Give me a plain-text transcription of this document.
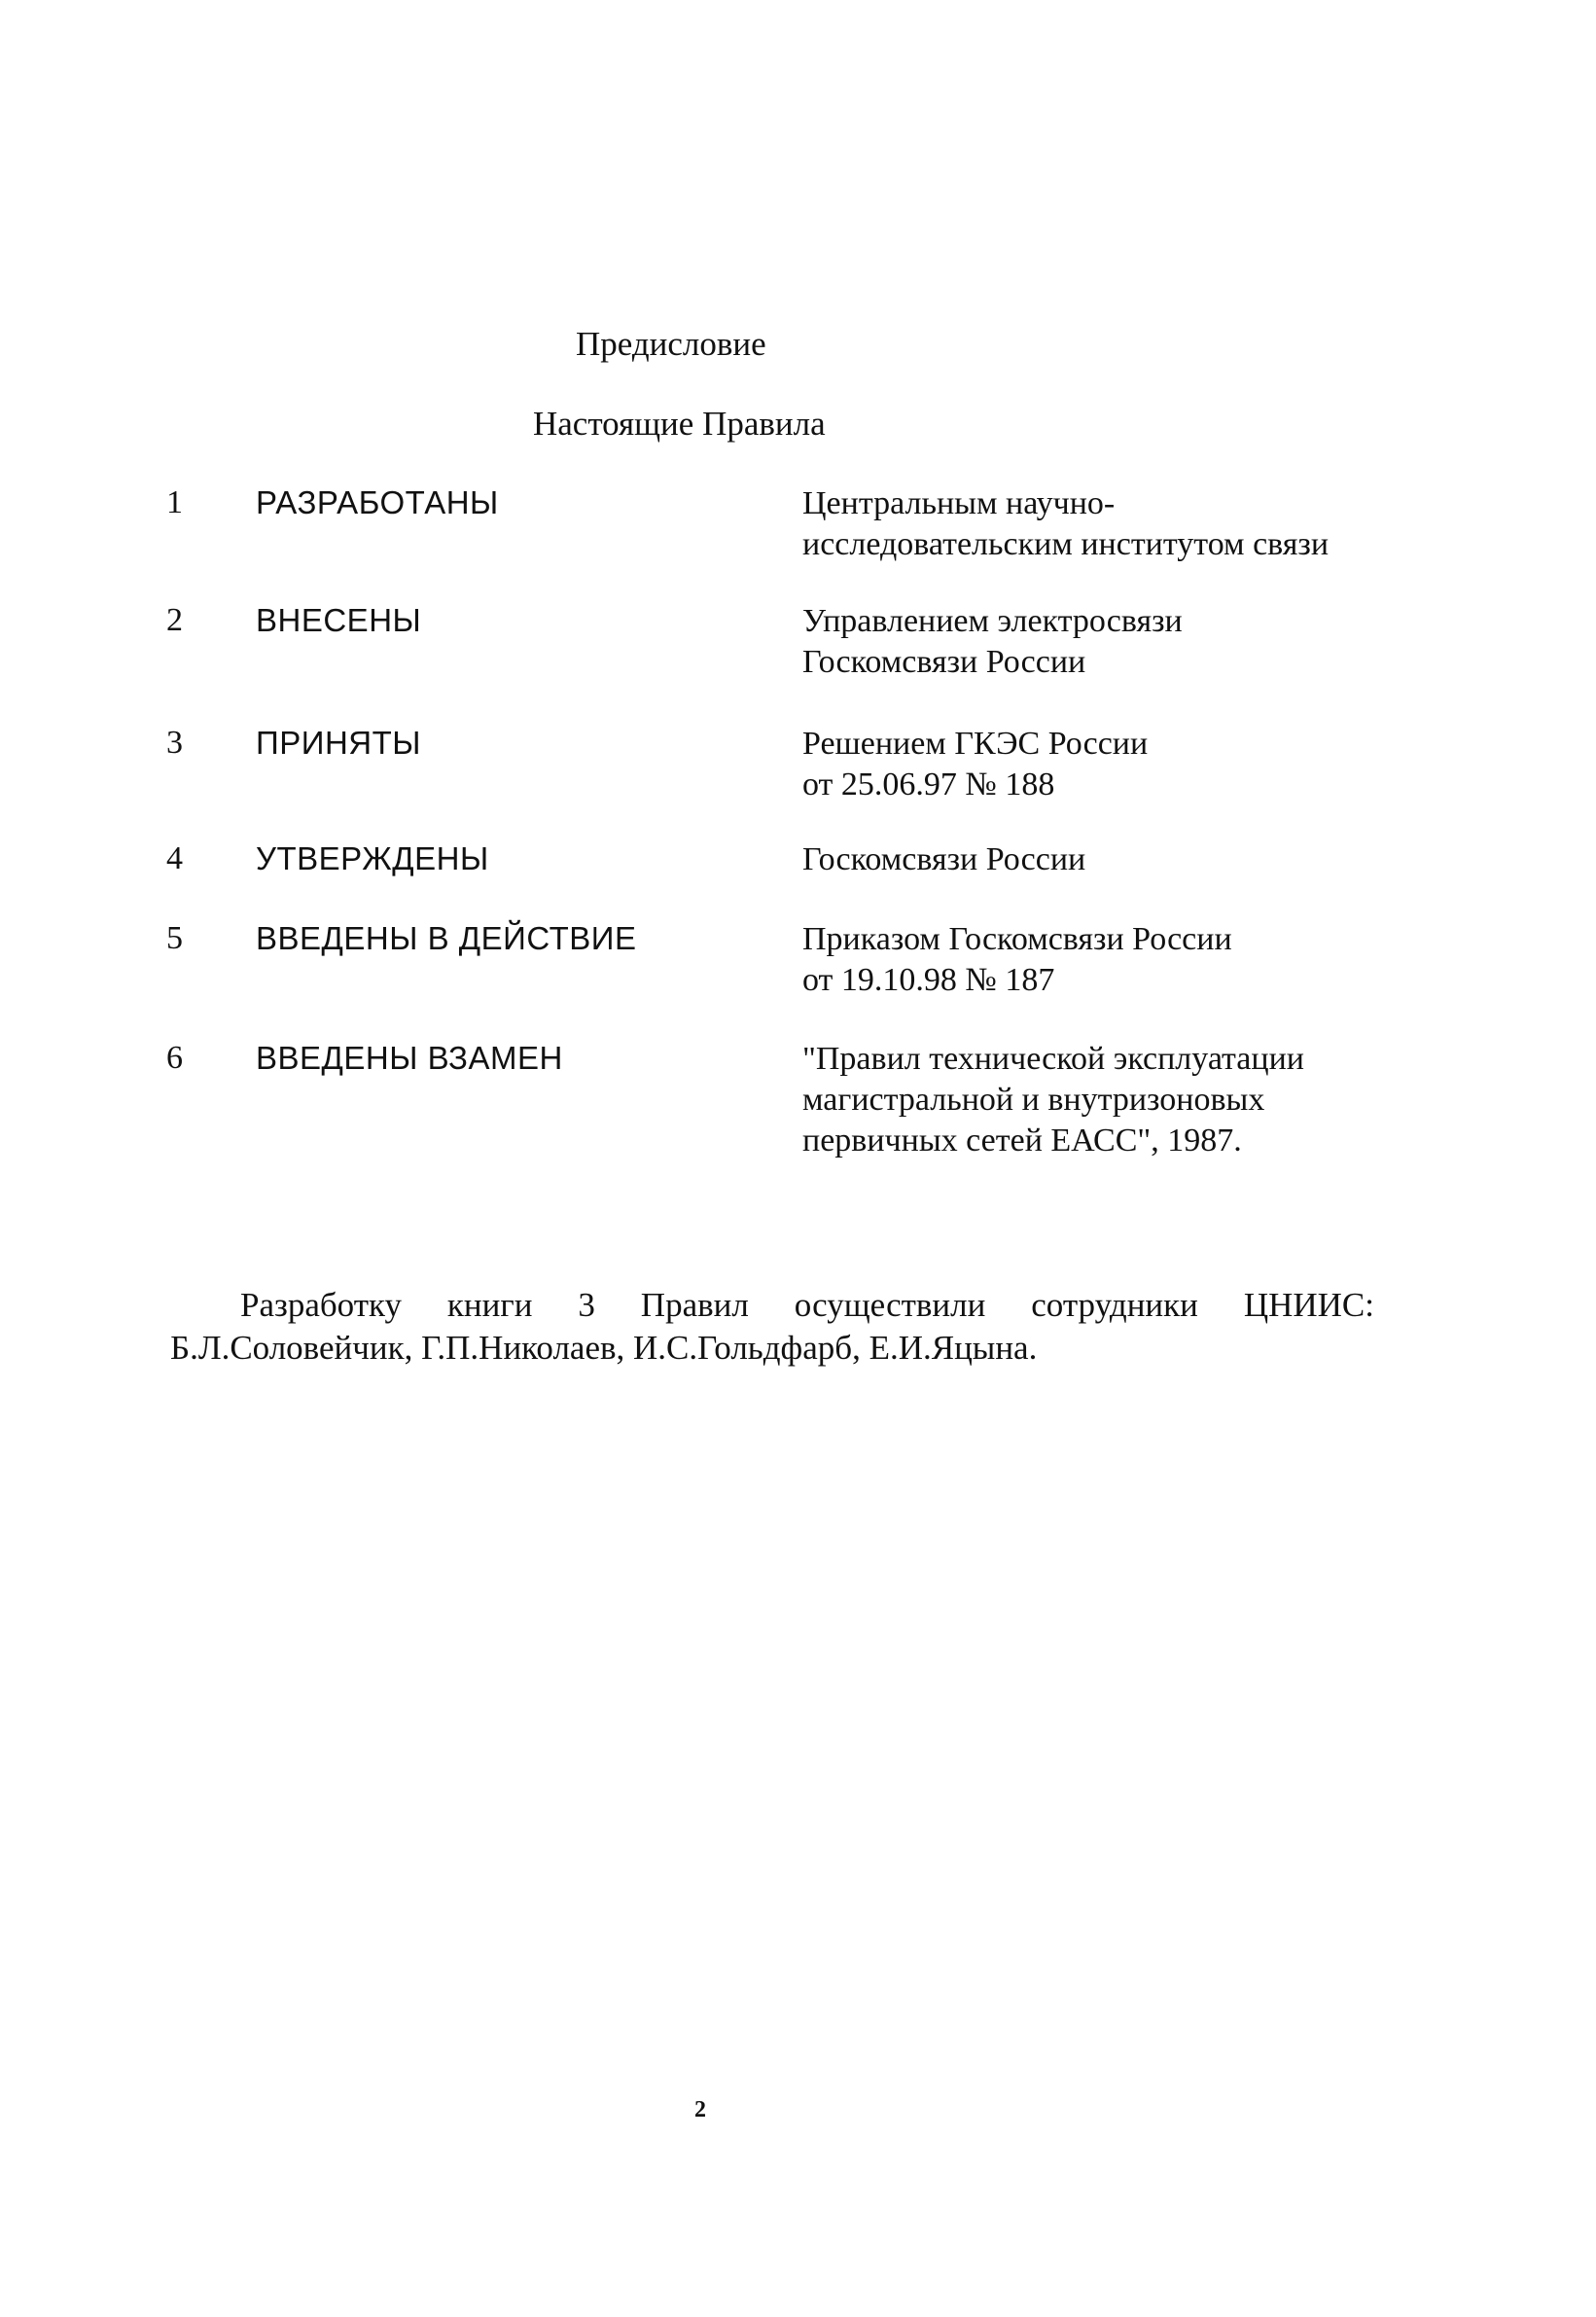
Предисловие
Настоящие Правила
1 РАЗРАБОТАНЫ	Центральным научно-
исследовательским институтом связи
2 ВНЕСЕНЫ	Управлением электросвязи
Госкомсвязи России
3 ПРИНЯТЫ	Решением ГКЭС России
от 25.06.97 № 188
4 УТВЕРЖДЕНЫ	Госкомсвязи России
5 ВВЕДЕНЫ В ДЕЙСТВИЕ	Приказом Госкомсвязи России
от 19.10.98 № 187
6 ВВЕДЕНЫ ВЗАМЕН	"Правил технической эксплуатации
магистральной и внутризоновых
первичных сетей ЕАСС", 1987.
Разработку книги 3 Правил осуществили сотрудники ЦНИИС:
Б.Л.Соловейчик, Г.П.Николаев, И.С.Гольдфарб, Е.И.Яцына.
2
